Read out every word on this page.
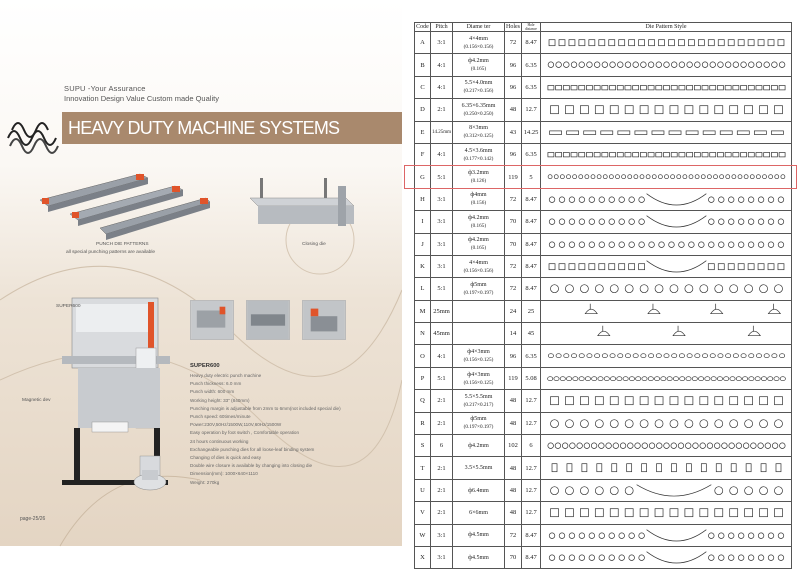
SUPU -Your Assurance
Innovation Design Value Custom made Quality
HEAVY DUTY MACHINE SYSTEMS
PUNCH DIE PATTERNS
all special punching patterns are available
Closing die
SUPER600
Magnetic dev
SUPER600
Heavy duty electric punch machine
Punch thickness: 6.0 mm
Punch width: 600 mm
Working height: 33" (840mm)
Punching margin is adjustable from 2mm to 6mm(not included special die)
Punch speed: 60times/minute
Power:230V,50Hz/1500W,110V,60Hz/1500W
Easy operation by foot switch , Comfortable operation
24 hours continuous working
Exchangeable punching dies for all loose-leaf binding system
Changing of dies is quick and easy
Double wire closure is available by changing into closing die
Dimension(mm): 1000×640×1110
Weight: 270kg
page-25/26
Code	Pitch	Diame ter	Holes	Hole distance	Die Pattern Style
A	3:1	4×4mm
(0.156×0.156)	72	8.47	

B	4:1	ф4.2mm
(0.165)	96	6.35	

C	4:1	5.5×4.0mm
(0.217×0.156)	96	6.35	

D	2:1	6.35×6.35mm
(0.250×0.250)	48	12.7	

E	14.25mm	8×3mm
(0.312×0.125)	43	14.25	

F	4:1	4.5×3.6mm
(0.177×0.142)	96	6.35	

G	5:1	ф3.2mm
(0.126)	119	5	

H	3:1	ф4mm
(0.156)	72	8.47	

I	3:1	ф4.2mm
(0.165)	70	8.47	

J	3:1	ф4.2mm
(0.165)	70	8.47	

K	3:1	4×4mm
(0.156×0.156)	72	8.47	

L	5:1	ф5mm
(0.197×0.197)	72	8.47	

M	25mm		24	25	

N	45mm		14	45	

O	4:1	ф4×3mm
(0.156×0.125)	96	6.35	

P	5:1	ф4×3mm
(0.156×0.125)	119	5.08	

Q	2:1	5.5×5.5mm
(0.217×0.217)	48	12.7	

R	2:1	ф5mm
(0.197×0.197)	48	12.7	

S	6	ф4.2mm	102	6	

T	2:1	3.5×5.5mm	48	12.7	

U	2:1	ф6.4mm	48	12.7	

V	2:1	6×6mm	48	12.7	

W	3:1	ф4.5mm	72	8.47	

X	3:1	ф4.5mm	70	8.47	
